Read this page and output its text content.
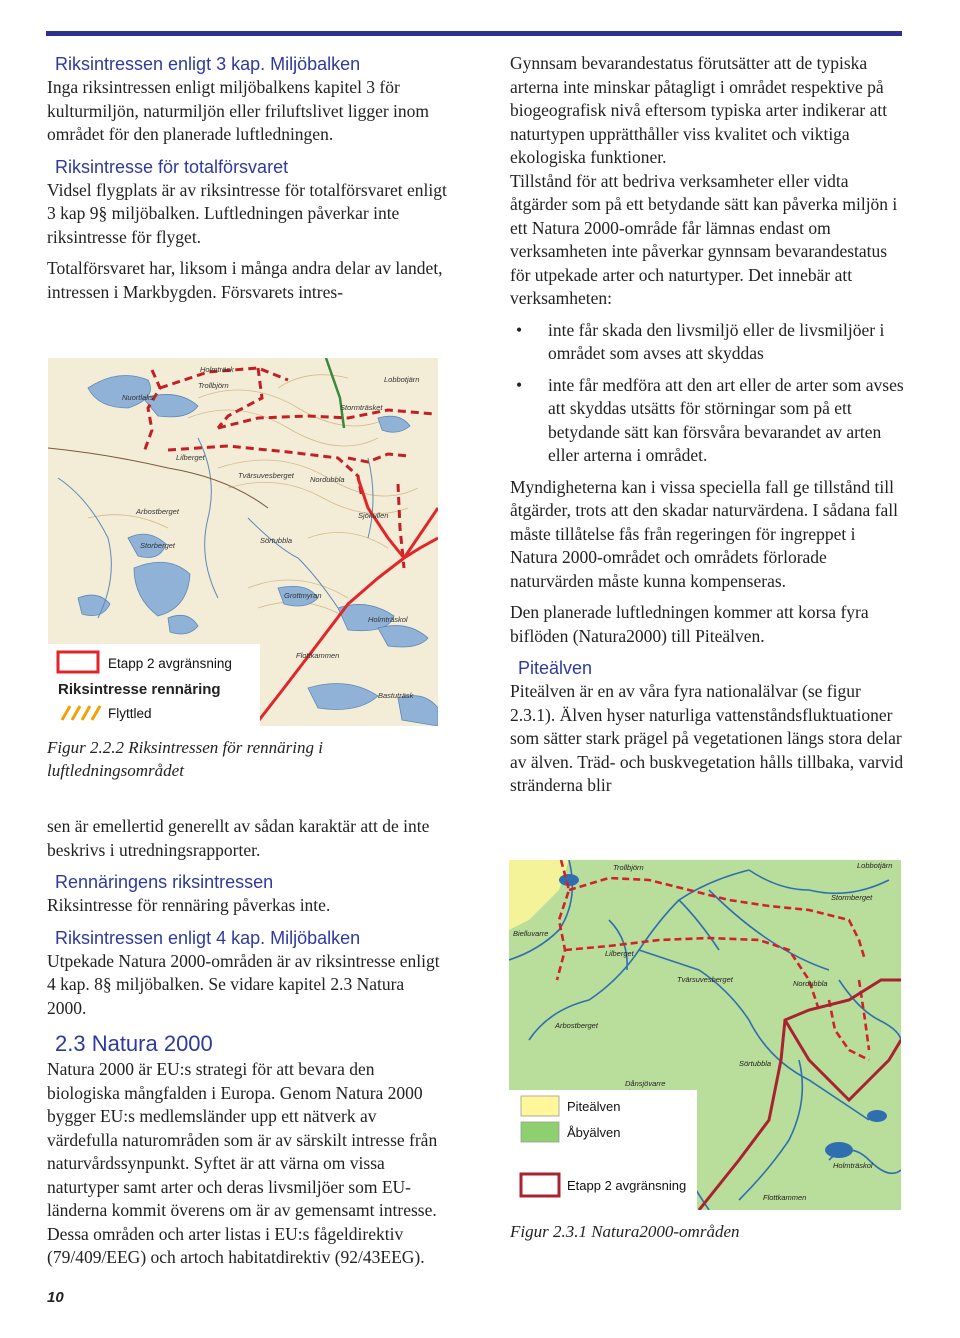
Riksintressen enligt 3 kap. Miljöbalken

Inga riksintressen enligt miljöbalkens kapitel 3 för kulturmiljön, naturmiljön eller friluftslivet ligger inom området för den planerade luftledningen.

Riksintresse för totalförsvaret

Vidsel flygplats är av riksintresse för totalförsvaret enligt 3 kap 9§ miljöbalken. Luftledningen påverkar inte riksintresse för flyget.

Totalförsvaret har, liksom i många andra delar av landet, intressen i Markbygden. Försvarets intres-

Holmträsk
Trollbjörn
Nuortlaks
Lilberget
Tvärsuvesberget Nordubbla
Sörtubbla
Arbostberget
Storberget
Flottkammen
Holmträskol
Lobbotjärn
Stormträsket
Sjökullen
Grottmyran
Bastuträsk
Etapp 2 avgränsning
Riksintresse rennäring
Flyttled

Figur 2.2.2 Riksintressen för rennäring i luftledningsområdet

sen är emellertid generellt av sådan karaktär att de inte beskrivs i utredningsrapporter.

Rennäringens riksintressen

Riksintresse för rennäring påverkas inte.

Riksintressen enligt 4 kap. Miljöbalken

Utpekade Natura 2000-områden är av riksintresse enligt 4 kap. 8§ miljöbalken. Se vidare kapitel 2.3 Natura 2000.

2.3 Natura 2000

Natura 2000 är EU:s strategi för att bevara den biologiska mångfalden i Europa. Genom Natura 2000 bygger EU:s medlemsländer upp ett nätverk av värdefulla naturområden som är av särskilt intresse från naturvårdssynpunkt. Syftet är att värna om vissa naturtyper samt arter och deras livsmiljöer som EU-länderna kommit överens om är av gemensamt intresse. Dessa områden och arter listas i EU:s fågeldirektiv (79/409/EEG) och artoch habitatdirektiv (92/43EEG).

Gynnsam bevarandestatus förutsätter att de typiska arterna inte minskar påtagligt i området respektive på biogeografisk nivå eftersom typiska arter indikerar att naturtypen upprätthåller viss kvalitet och viktiga ekologiska funktioner.

Tillstånd för att bedriva verksamheter eller vidta åtgärder som på ett betydande sätt kan påverka miljön i ett Natura 2000-område får lämnas endast om verksamheten inte påverkar gynnsam bevarandestatus för utpekade arter och naturtyper. Det innebär att verksamheten:

• inte får skada den livsmiljö eller de livsmiljöer i området som avses att skyddas
• inte får medföra att den art eller de arter som avses att skyddas utsätts för störningar som på ett betydande sätt kan försvåra bevarandet av arten eller arterna i området.

Myndigheterna kan i vissa speciella fall ge tillstånd till åtgärder, trots att den skadar naturvärdena. I sådana fall måste tillåtelse fås från regeringen för ingreppet i Natura 2000-området och områdets förlorade naturvärden måste kunna kompenseras.

Den planerade luftledningen kommer att korsa fyra biflöden (Natura2000) till Piteälven.

Piteälven

Piteälven är en av våra fyra nationalälvar (se figur 2.3.1). Älven hyser naturliga vattenståndsfluktuationer som sätter stark prägel på vegetationen längs stora delar av älven. Träd- och buskvegetation hålls tillbaka, varvid stränderna blir

Trollbjörn	Lobbotjärn
Stormberget
Lilberget
Tvärsuvesberget	Nordubbla
Arbostberget
Sörtubbla
Dånsjövarre
Holmträskol
Flottkammen
Bielluvarre
Piteälven
Åbyälven
Etapp 2 avgränsning

Figur 2.3.1 Natura2000-områden

10
